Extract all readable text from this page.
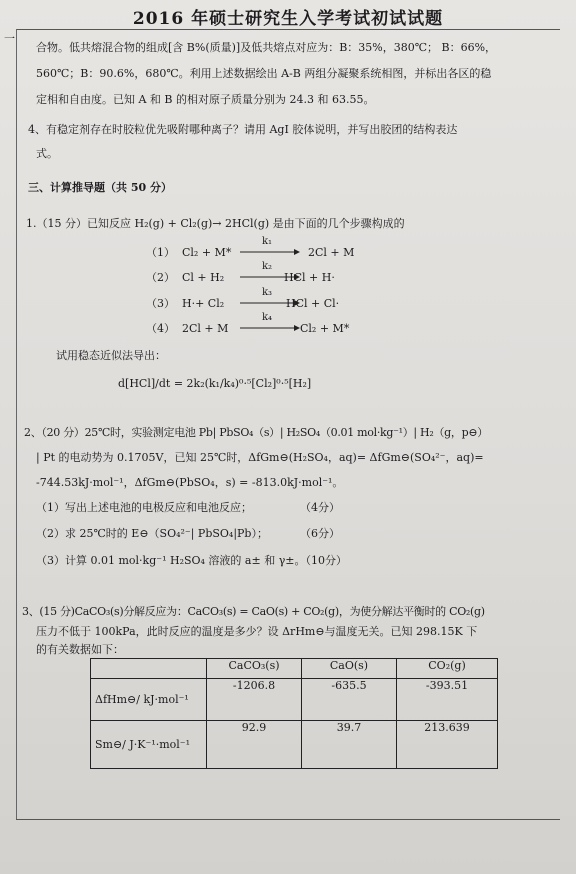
2016 年硕士研究生入学考试初试试题
一
合物。低共熔混合物的组成[含 B%(质量)]及低共熔点对应为：B：35%，380℃； B：66%，
560℃；B：90.6%，680℃。利用上述数据绘出 A-B 两组分凝聚系统相图，并标出各区的稳
定相和自由度。已知 A 和 B 的相对原子质量分别为 24.3 和 63.55。
4、有稳定剂存在时胶粒优先吸附哪种离子？请用 AgI 胶体说明，并写出胶团的结构表达
式。
三、计算推导题（共 50 分）
1.（15 分）已知反应 H₂(g) + Cl₂(g)→ 2HCl(g) 是由下面的几个步骤构成的
（1） Cl₂ + M*
k₁
2Cl + M
（2） Cl + H₂
k₂
HCl + H·
（3） H·+ Cl₂
k₃
HCl + Cl·
（4） 2Cl + M
k₄
Cl₂ + M*
试用稳态近似法导出：
d[HCl]/dt = 2k₂(k₁/k₄)⁰·⁵[Cl₂]⁰·⁵[H₂]
2、（20 分）25℃时，实验测定电池 Pb| PbSO₄（s）| H₂SO₄（0.01 mol·kg⁻¹）| H₂（g，p⊖）
| Pt 的电动势为 0.1705V，已知 25℃时，ΔfGm⊖(H₂SO₄，aq)= ΔfGm⊖(SO₄²⁻，aq)=
-744.53kJ·mol⁻¹，ΔfGm⊖(PbSO₄，s) = -813.0kJ·mol⁻¹。
（1）写出上述电池的电极反应和电池反应；	（4分）
（2）求 25℃时的 E⊖（SO₄²⁻| PbSO₄|Pb）；	（6分）
（3）计算 0.01 mol·kg⁻¹ H₂SO₄ 溶液的 a± 和 γ±。
（10分）
3、(15 分)CaCO₃(s)分解反应为：CaCO₃(s) = CaO(s) + CO₂(g)，为使分解达平衡时的 CO₂(g)
压力不低于 100kPa，此时反应的温度是多少？设 ΔrHm⊖与温度无关。已知 298.15K 下
的有关数据如下：
	CaCO₃(s)	CaO(s)	CO₂(g)
ΔfHm⊖/ kJ·mol⁻¹	-1206.8	-635.5	-393.51
Sm⊖/ J·K⁻¹·mol⁻¹	92.9	39.7	213.639
